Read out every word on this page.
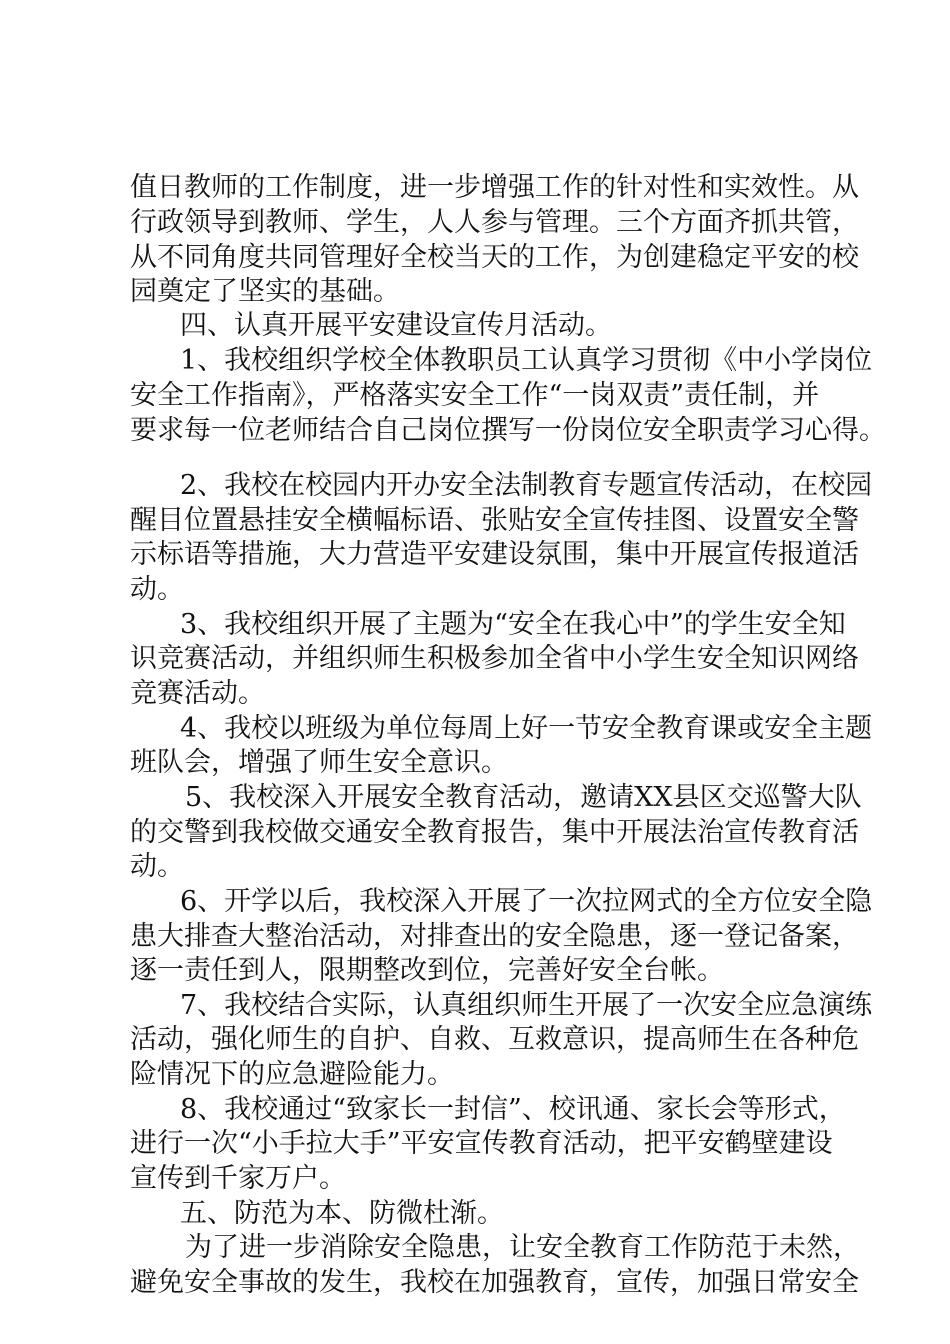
值日教师的工作制度，进一步增强工作的针对性和实效性。从
行政领导到教师、学生，人人参与管理。三个方面齐抓共管，
从不同角度共同管理好全校当天的工作，为创建稳定平安的校
园奠定了坚实的基础。
四、认真开展平安建设宣传月活动。
1、我校组织学校全体教职员工认真学习贯彻《中小学岗位
安全工作指南》，严格落实安全工作“一岗双责”责任制，并
要求每一位老师结合自己岗位撰写一份岗位安全职责学习心得。
2、我校在校园内开办安全法制教育专题宣传活动，在校园
醒目位置悬挂安全横幅标语、张贴安全宣传挂图、设置安全警
示标语等措施，大力营造平安建设氛围，集中开展宣传报道活
动。
3、我校组织开展了主题为“安全在我心中”的学生安全知
识竞赛活动，并组织师生积极参加全省中小学生安全知识网络
竞赛活动。
4、我校以班级为单位每周上好一节安全教育课或安全主题
班队会，增强了师生安全意识。
5、我校深入开展安全教育活动，邀请XX县区交巡警大队
的交警到我校做交通安全教育报告，集中开展法治宣传教育活
动。
6、开学以后，我校深入开展了一次拉网式的全方位安全隐
患大排查大整治活动，对排查出的安全隐患，逐一登记备案，
逐一责任到人，限期整改到位，完善好安全台帐。
7、我校结合实际，认真组织师生开展了一次安全应急演练
活动，强化师生的自护、自救、互救意识，提高师生在各种危
险情况下的应急避险能力。
8、我校通过“致家长一封信”、校讯通、家长会等形式，
进行一次“小手拉大手”平安宣传教育活动，把平安鹤壁建设
宣传到千家万户。
五、防范为本、防微杜渐。
为了进一步消除安全隐患，让安全教育工作防范于未然，
避免安全事故的发生，我校在加强教育，宣传，加强日常安全
